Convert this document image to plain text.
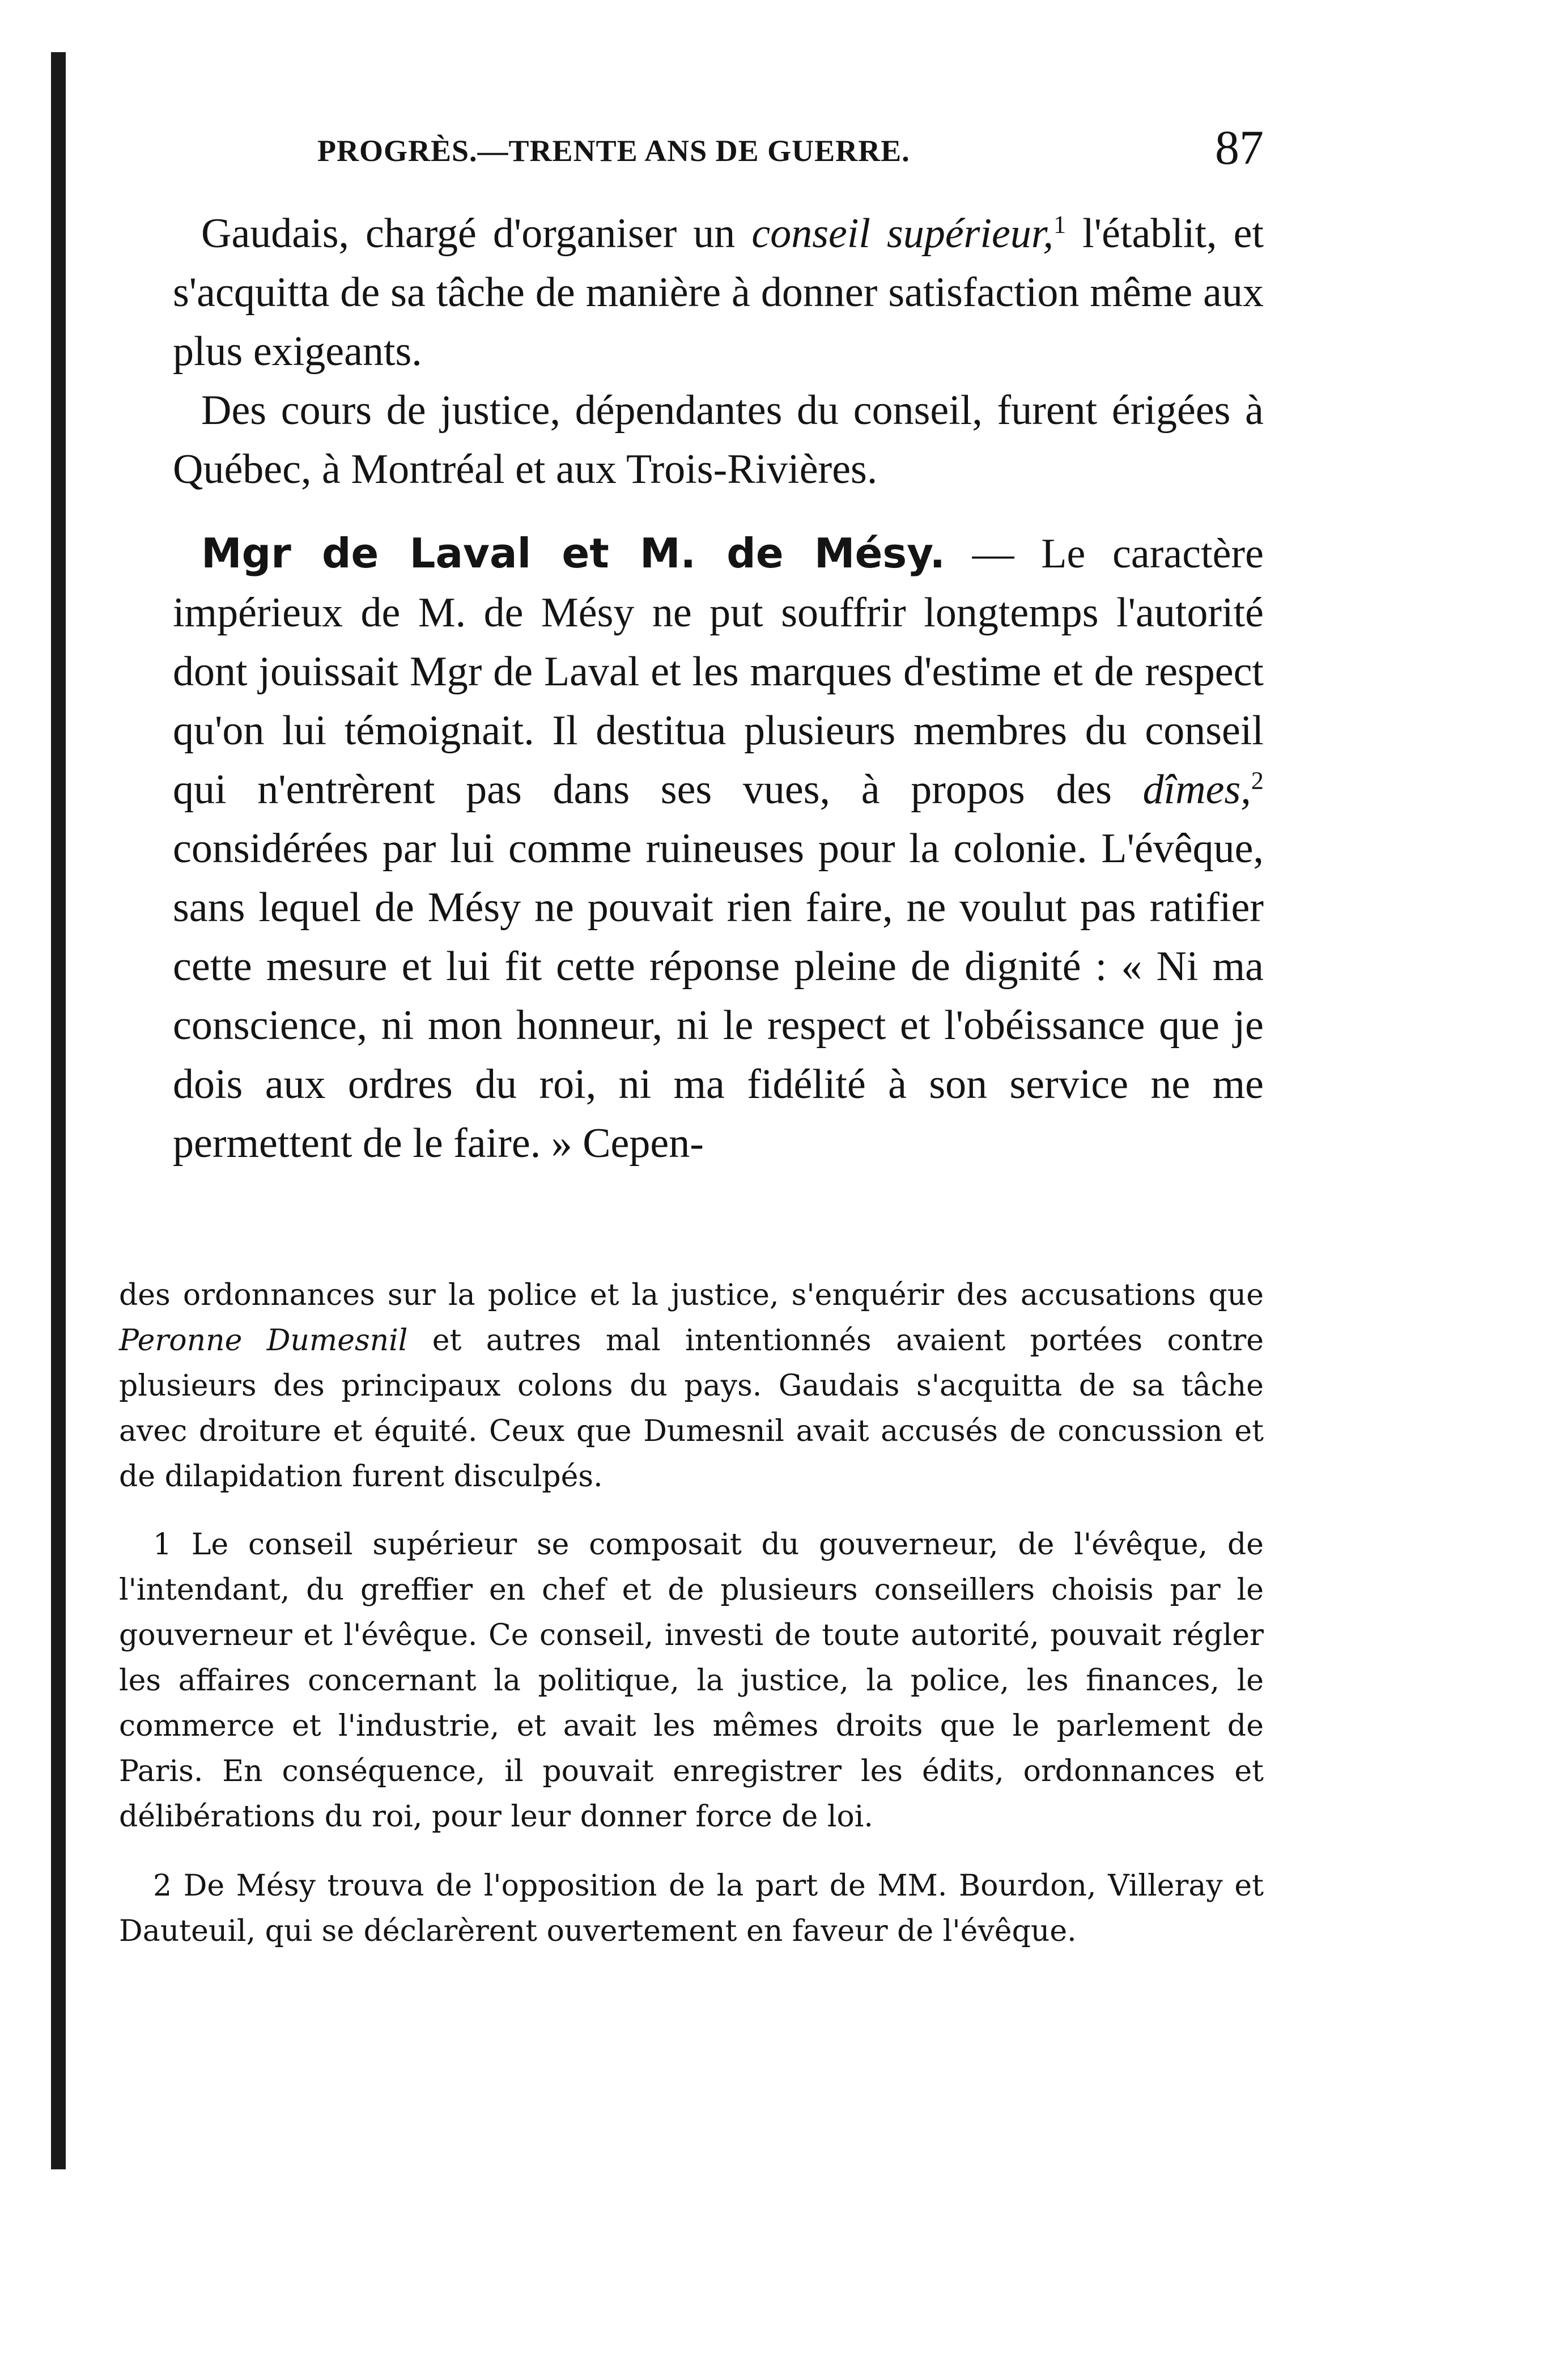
PROGRÈS.—TRENTE ANS DE GUERRE.	87

Gaudais, chargé d'organiser un conseil supérieur,$^1$ l'établit, et s'acquitta de sa tâche de manière à donner satisfaction même aux plus exigeants.

Des cours de justice, dépendantes du conseil, furent érigées à Québec, à Montréal et aux Trois-Rivières.

Mgr de Laval et M. de Mésy. — Le caractère impérieux de M. de Mésy ne put souffrir longtemps l'autorité dont jouissait Mgr de Laval et les marques d'estime et de respect qu'on lui témoignait. Il destitua plusieurs membres du conseil qui n'entrèrent pas dans ses vues, à propos des dîmes,$^2$ considérées par lui comme ruineuses pour la colonie. L'évêque, sans lequel de Mésy ne pouvait rien faire, ne voulut pas ratifier cette mesure et lui fit cette réponse pleine de dignité : « Ni ma conscience, ni mon honneur, ni le respect et l'obéissance que je dois aux ordres du roi, ni ma fidélité à son service ne me permettent de le faire. » Cepen-

des ordonnances sur la police et la justice, s'enquérir des accusations que Peronne Dumesnil et autres mal intentionnés avaient portées contre plusieurs des principaux colons du pays. Gaudais s'acquitta de sa tâche avec droiture et équité. Ceux que Dumesnil avait accusés de concussion et de dilapidation furent disculpés.

1 Le conseil supérieur se composait du gouverneur, de l'évêque, de l'intendant, du greffier en chef et de plusieurs conseillers choisis par le gouverneur et l'évêque. Ce conseil, investi de toute autorité, pouvait régler les affaires concernant la politique, la justice, la police, les finances, le commerce et l'industrie, et avait les mêmes droits que le parlement de Paris. En conséquence, il pouvait enregistrer les édits, ordonnances et délibérations du roi, pour leur donner force de loi.

2 De Mésy trouva de l'opposition de la part de MM. Bourdon, Villeray et Dauteuil, qui se déclarèrent ouvertement en faveur de l'évêque.
